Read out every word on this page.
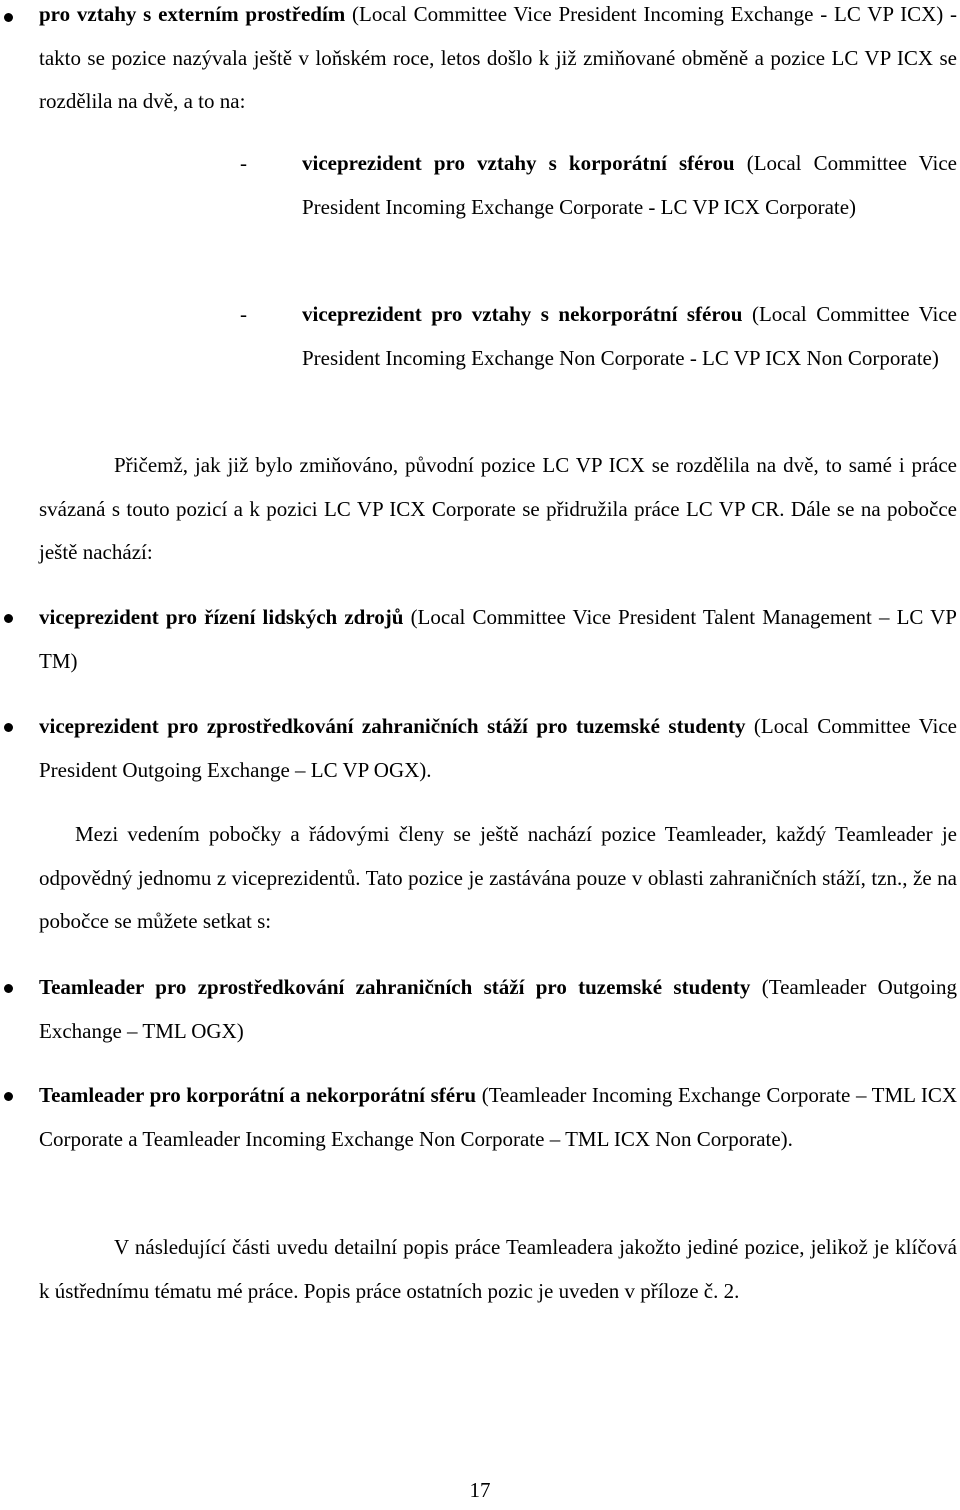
pro vztahy s externím prostředím (Local Committee Vice President Incoming Exchange - LC VP ICX) - takto se pozice nazývala ještě v loňském roce, letos došlo k již zmiňované obměně a pozice LC VP ICX se rozdělila na dvě, a to na:
-	viceprezident pro vztahy s korporátní sférou (Local Committee Vice President Incoming Exchange Corporate - LC VP ICX Corporate)
-	viceprezident pro vztahy s nekorporátní sférou (Local Committee Vice President Incoming Exchange Non Corporate - LC VP ICX Non Corporate)
Přičemž, jak již bylo zmiňováno, původní pozice LC VP ICX se rozdělila na dvě, to samé i práce svázaná s touto pozicí a k pozici LC VP ICX Corporate se přidružila práce LC VP CR. Dále se na pobočce ještě nachází:
viceprezident pro řízení lidských zdrojů (Local Committee Vice President Talent Management – LC VP TM)
viceprezident pro zprostředkování zahraničních stáží pro tuzemské studenty (Local Committee Vice President Outgoing Exchange – LC VP OGX).
Mezi vedením pobočky a řádovými členy se ještě nachází pozice Teamleader, každý Teamleader je odpovědný jednomu z viceprezidentů. Tato pozice je zastávána pouze v oblasti zahraničních stáží, tzn., že na pobočce se můžete setkat s:
Teamleader pro zprostředkování zahraničních stáží pro tuzemské studenty (Teamleader Outgoing Exchange – TML OGX)
Teamleader pro korporátní a nekorporátní sféru (Teamleader Incoming Exchange Corporate – TML ICX Corporate a Teamleader Incoming Exchange Non Corporate – TML ICX Non Corporate).
V následující části uvedu detailní popis práce Teamleadera jakožto jediné pozice, jelikož je klíčová k ústřednímu tématu mé práce. Popis práce ostatních pozic je uveden v příloze č. 2.
17
